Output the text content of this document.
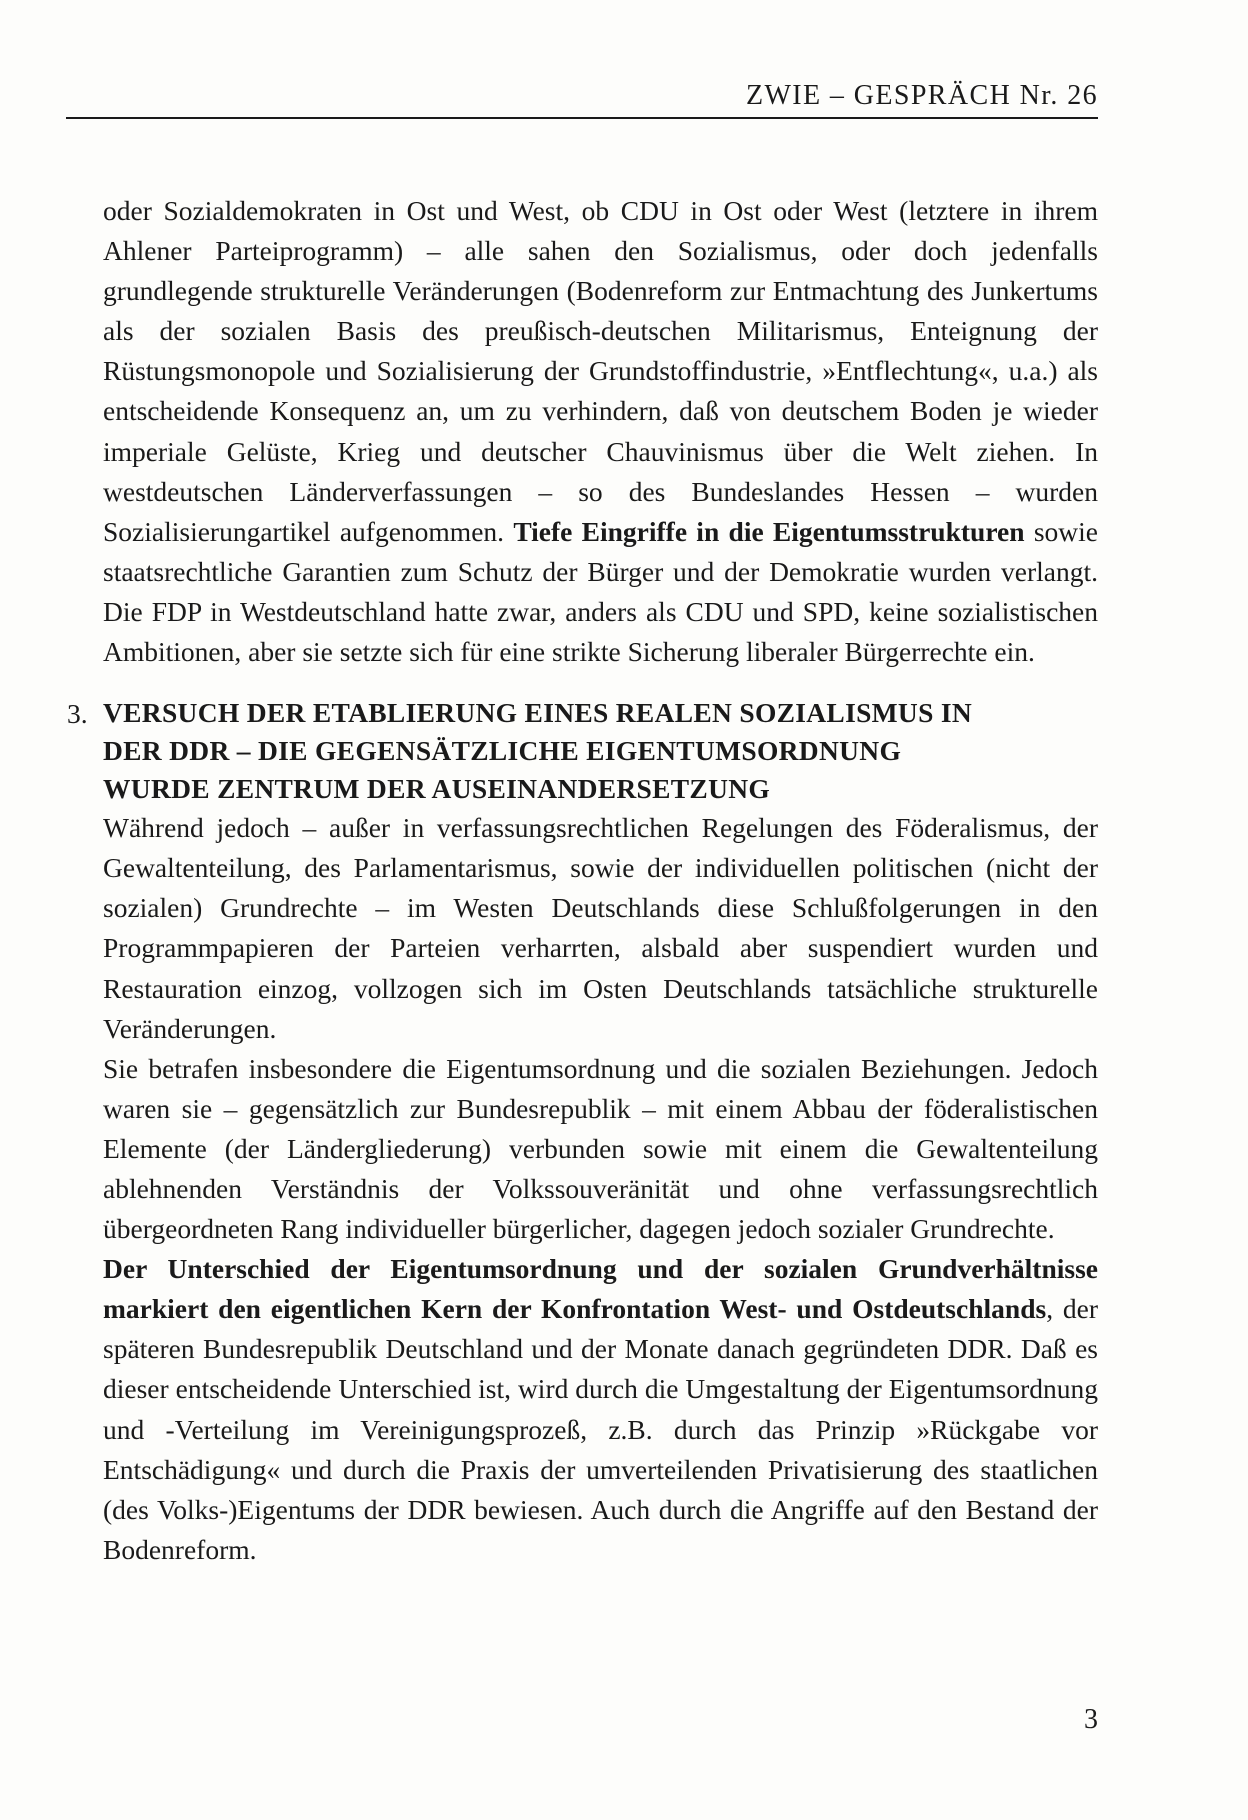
ZWIE – GESPRÄCH Nr. 26

oder Sozialdemokraten in Ost und West, ob CDU in Ost oder West (letztere in ihrem Ahlener Parteiprogramm) – alle sahen den Sozialismus, oder doch jedenfalls grundlegende strukturelle Veränderungen (Bodenreform zur Entmachtung des Junkertums als der sozialen Basis des preußisch-deutschen Militarismus, Enteignung der Rüstungsmonopole und Sozialisierung der Grundstoffindustrie, »Entflechtung«, u.a.) als entscheidende Konsequenz an, um zu verhindern, daß von deutschem Boden je wieder imperiale Gelüste, Krieg und deutscher Chauvinismus über die Welt ziehen. In westdeutschen Länderverfassungen – so des Bundeslandes Hessen – wurden Sozialisierungartikel aufgenommen. Tiefe Eingriffe in die Eigentumsstrukturen sowie staatsrechtliche Garantien zum Schutz der Bürger und der Demokratie wurden verlangt. Die FDP in Westdeutschland hatte zwar, anders als CDU und SPD, keine sozialistischen Ambitionen, aber sie setzte sich für eine strikte Sicherung liberaler Bürgerrechte ein.

3. VERSUCH DER ETABLIERUNG EINES REALEN SOZIALISMUS IN
DER DDR – DIE GEGENSÄTZLICHE EIGENTUMSORDNUNG
WURDE ZENTRUM DER AUSEINANDERSETZUNG

Während jedoch – außer in verfassungsrechtlichen Regelungen des Föderalismus, der Gewaltenteilung, des Parlamentarismus, sowie der individuellen politischen (nicht der sozialen) Grundrechte – im Westen Deutschlands diese Schlußfolgerungen in den Programmpapieren der Parteien verharrten, alsbald aber suspendiert wurden und Restauration einzog, vollzogen sich im Osten Deutschlands tatsächliche strukturelle Veränderungen.

Sie betrafen insbesondere die Eigentumsordnung und die sozialen Beziehungen. Jedoch waren sie – gegensätzlich zur Bundesrepublik – mit einem Abbau der föderalistischen Elemente (der Ländergliederung) verbunden sowie mit einem die Gewaltenteilung ablehnenden Verständnis der Volkssouveränität und ohne verfassungsrechtlich übergeordneten Rang individueller bürgerlicher, dagegen jedoch sozialer Grundrechte.

Der Unterschied der Eigentumsordnung und der sozialen Grundverhältnisse markiert den eigentlichen Kern der Konfrontation West- und Ostdeutschlands, der späteren Bundesrepublik Deutschland und der Monate danach gegründeten DDR. Daß es dieser entscheidende Unterschied ist, wird durch die Umgestaltung der Eigentumsordnung und -Verteilung im Vereinigungsprozeß, z.B. durch das Prinzip »Rückgabe vor Entschädigung« und durch die Praxis der umverteilenden Privatisierung des staatlichen (des Volks-)Eigentums der DDR bewiesen. Auch durch die Angriffe auf den Bestand der Bodenreform.

3
